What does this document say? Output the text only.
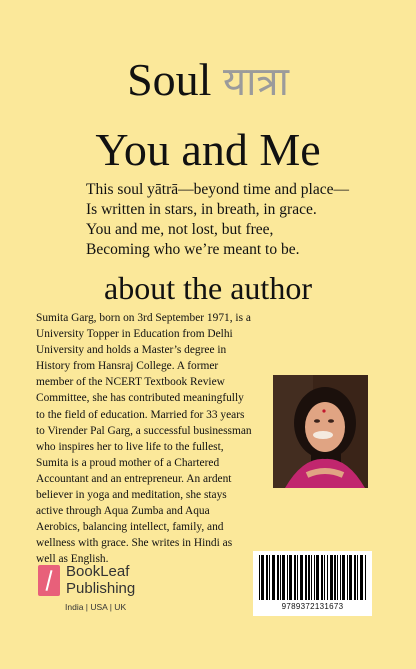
Soul यात्रा
You and Me
This soul yātrā—beyond time and place—
Is written in stars, in breath, in grace.
You and me, not lost, but free,
Becoming who we’re meant to be.
about the author
Sumita Garg, born on 3rd September 1971, is a
University Topper in Education from Delhi
University and holds a Master’s degree in
History from Hansraj College. A former
member of the NCERT Textbook Review
Committee, she has contributed meaningfully
to the field of education. Married for 33 years
to Virender Pal Garg, a successful businessman
who inspires her to live life to the fullest,
Sumita is a proud mother of a Chartered
Accountant and an entrepreneur. An ardent
believer in yoga and meditation, she stays
active through Aqua Zumba and Aqua
Aerobics, balancing intellect, family, and
wellness with grace. She writes in Hindi as
well as English.
BookLeaf
Publishing
India | USA | UK	9789372131673
